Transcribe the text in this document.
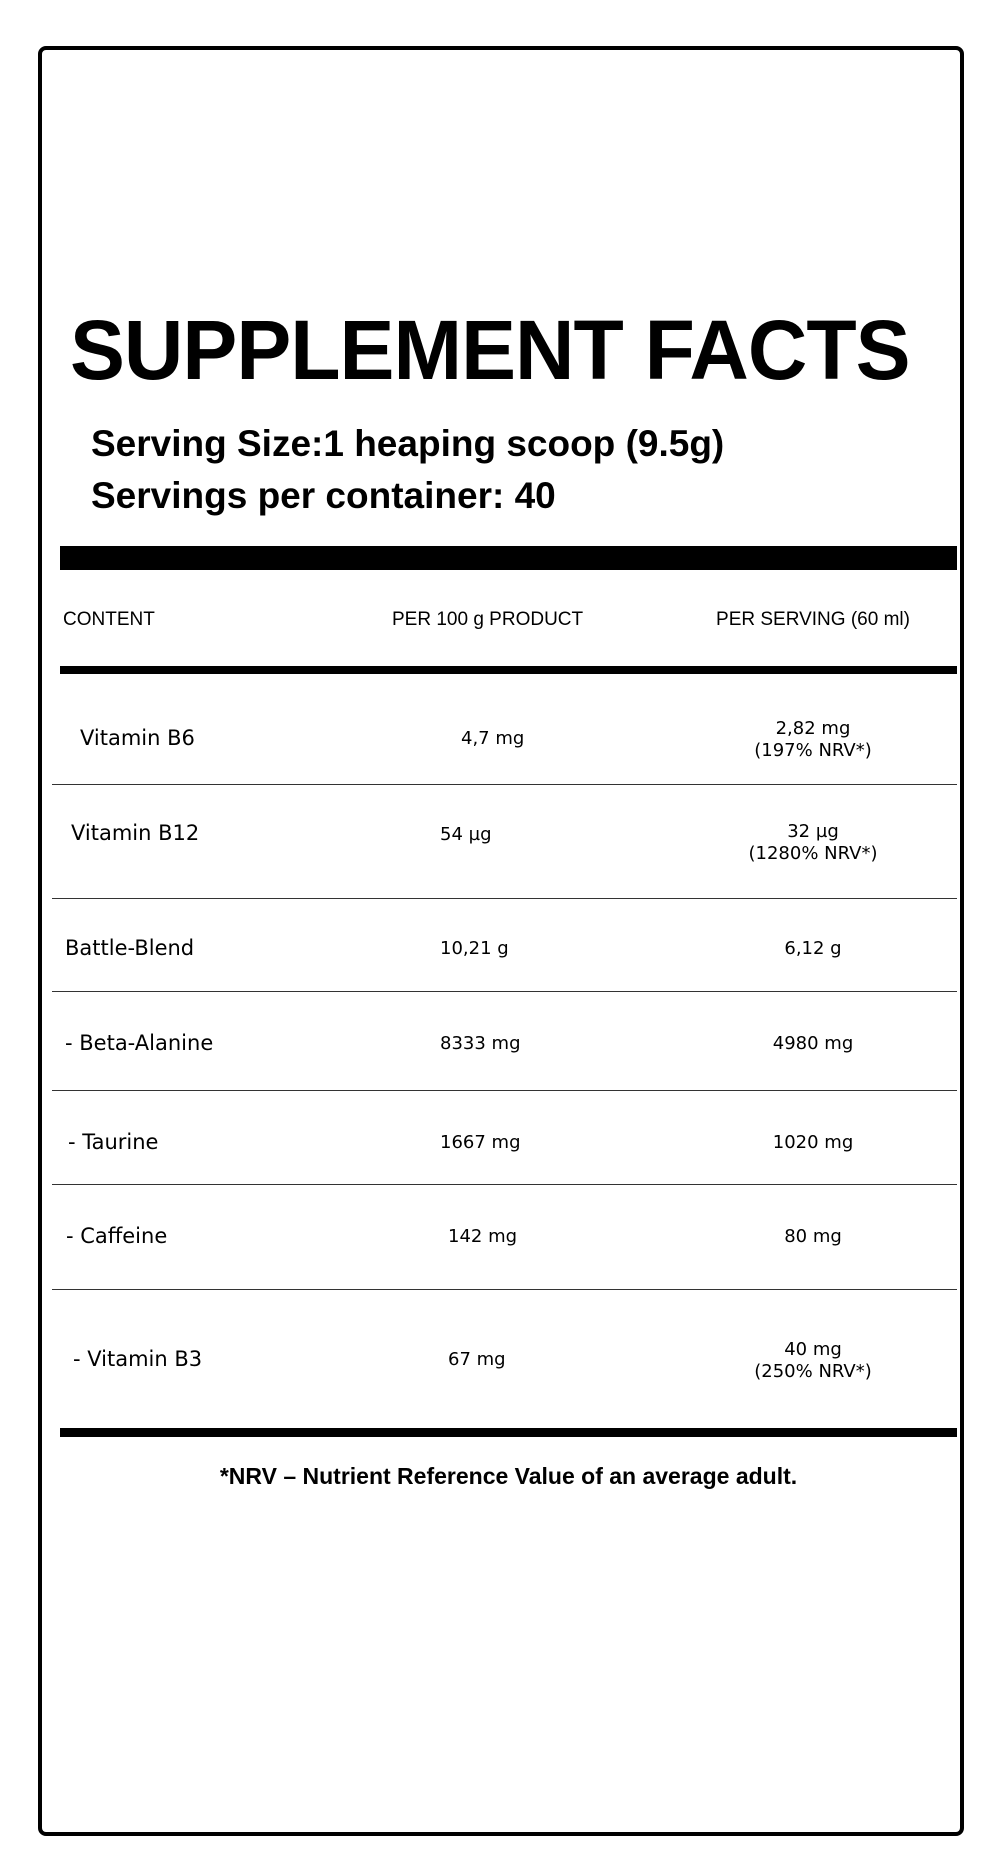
SUPPLEMENT FACTS
Serving Size:1 heaping scoop (9.5g)
Servings per container: 40
CONTENT	PER 100 g PRODUCT	PER SERVING (60 ml)
Vitamin B6	4,7 mg	2,82 mg
(197% NRV*)
Vitamin B12	54 µg	32 µg
(1280% NRV*)
Battle-Blend	10,21 g	6,12 g
- Beta-Alanine	8333 mg	4980 mg
- Taurine	1667 mg	1020 mg
- Caffeine	142 mg	80 mg
- Vitamin B3	67 mg	40 mg
(250% NRV*)
*NRV – Nutrient Reference Value of an average adult.
